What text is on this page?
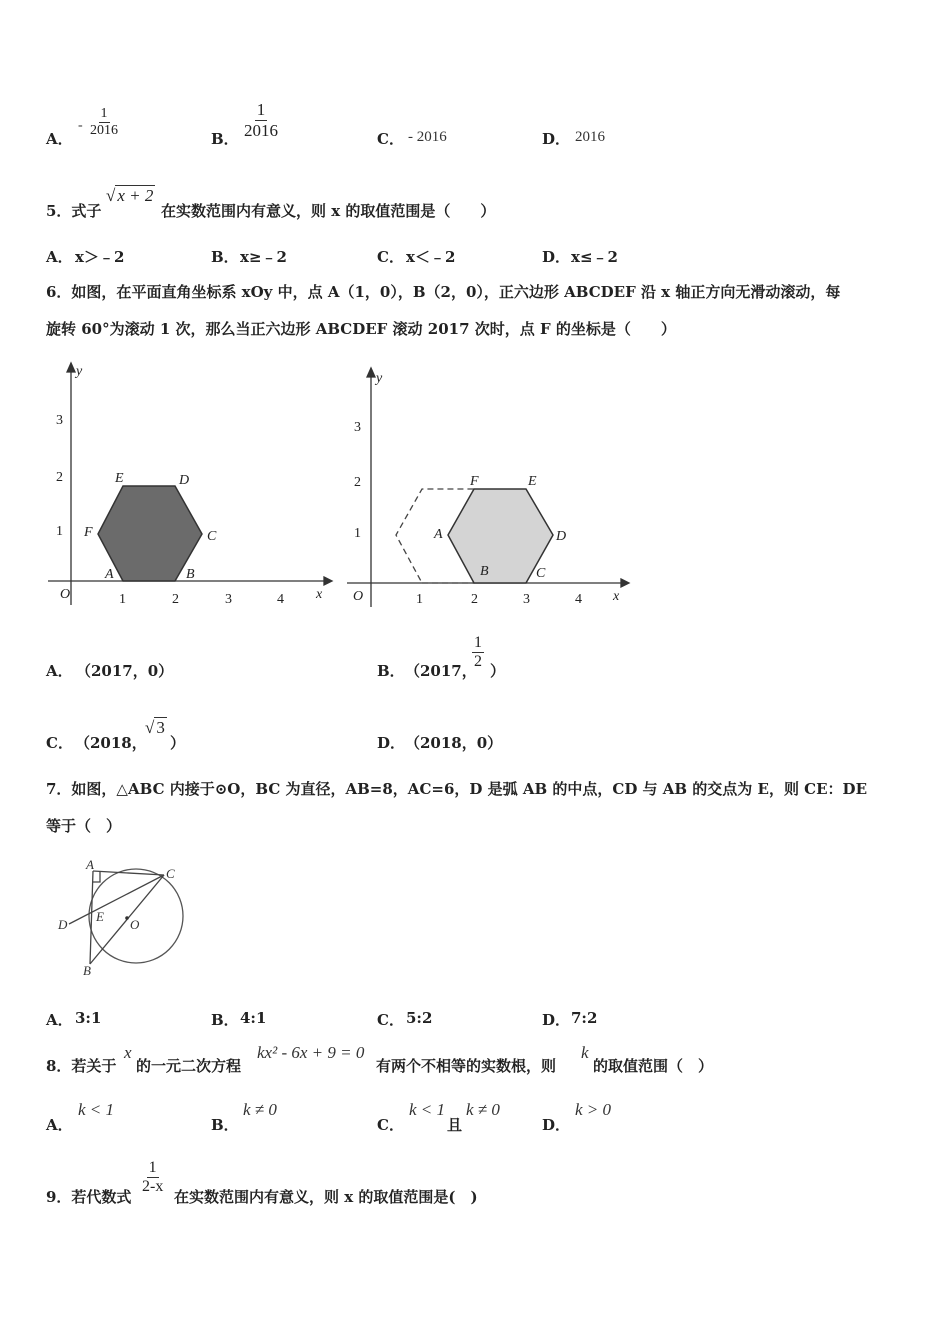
A．
- $\frac{1}{2016}$	B． $\frac{1}{2016}$	C． - 2016	D． 2016
5．式子
√ x + 2
在实数范围内有意义，则 x 的取值范围是（　　）
A． x＞﹣2	B． x≥﹣2	C． x＜﹣2	D． x≤﹣2
6．如图，在平面直角坐标系 xOy 中，点 A（1，0），B（2，0），正六边形 ABCDEF 沿 x 轴正方向无滑动滚动，每
旋转 60°为滚动 1 次，那么当正六边形 ABCDEF 滚动 2017 次时，点 F 的坐标是（　　）
O	x
y
1	2	3	4
1
2
3
A	B
C
D
E
F
O	x
y
1	2	3	4
1
2
3
A
B	C
D
E
F
A． （2017，0）	B． （2017，
$\frac{1}{2}$ ）
C． （2018，
√ 3
）	D． （2018，0）
7．如图，△ABC 内接于⊙O，BC 为直径，AB=8，AC=6，D 是弧 AB 的中点，CD 与 AB 的交点为 E，则 CE：DE
等于（　）
A
C
D
E
O
B
A． 3:1	B． 4:1	C． 5:2	D． 7:2
8．若关于
x
的一元二次方程
kx² - 6x + 9 = 0
有两个不相等的实数根，则
k
的取值范围（　）
A．
k < 1
B．
k ≠ 0
C．
k < 1
且
k ≠ 0
D．
k > 0
9．若代数式
$\frac{1}{2-x}$
在实数范围内有意义，则 x 的取值范围是(　)
